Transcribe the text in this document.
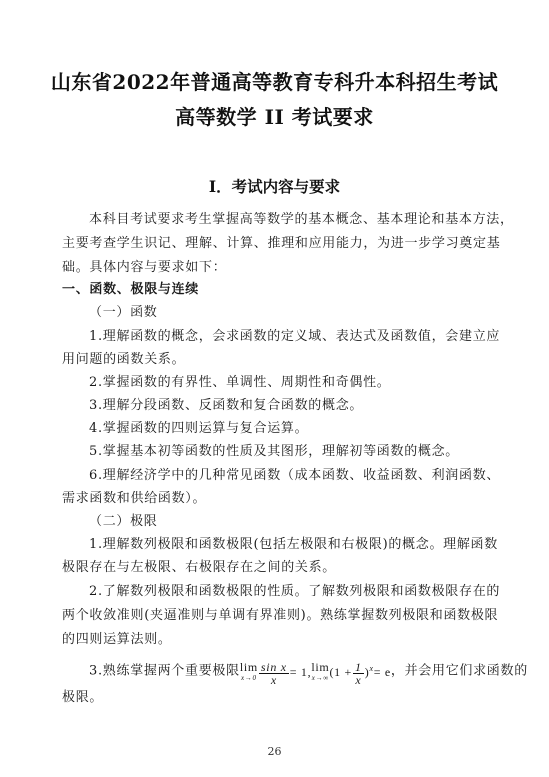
山东省2022年普通高等教育专科升本科招生考试
高等数学 II 考试要求
I．考试内容与要求
本科目考试要求考生掌握高等数学的基本概念、基本理论和基本方法，
主要考查学生识记、理解、计算、推理和应用能力，为进一步学习奠定基
础。具体内容与要求如下：
一、函数、极限与连续
（一）函数
1.理解函数的概念，会求函数的定义域、表达式及函数值，会建立应
用问题的函数关系。
2.掌握函数的有界性、单调性、周期性和奇偶性。
3.理解分段函数、反函数和复合函数的概念。
4.掌握函数的四则运算与复合运算。
5.掌握基本初等函数的性质及其图形，理解初等函数的概念。
6.理解经济学中的几种常见函数（成本函数、收益函数、利润函数、
需求函数和供给函数）。
（二）极限
1.理解数列极限和函数极限(包括左极限和右极限)的概念。理解函数
极限存在与左极限、右极限存在之间的关系。
2.了解数列极限和函数极限的性质。了解数列极限和函数极限存在的
两个收敛准则(夹逼准则与单调有界准则)。熟练掌握数列极限和函数极限
的四则运算法则。
3.熟练掌握两个重要极限lim
$x\to 0 \frac{\text{sin x}}{x} = 1,\lim$
x→∞ $(1 + \frac{1}{x} )^x= e$，并会用它们求函数的
极限。
26
